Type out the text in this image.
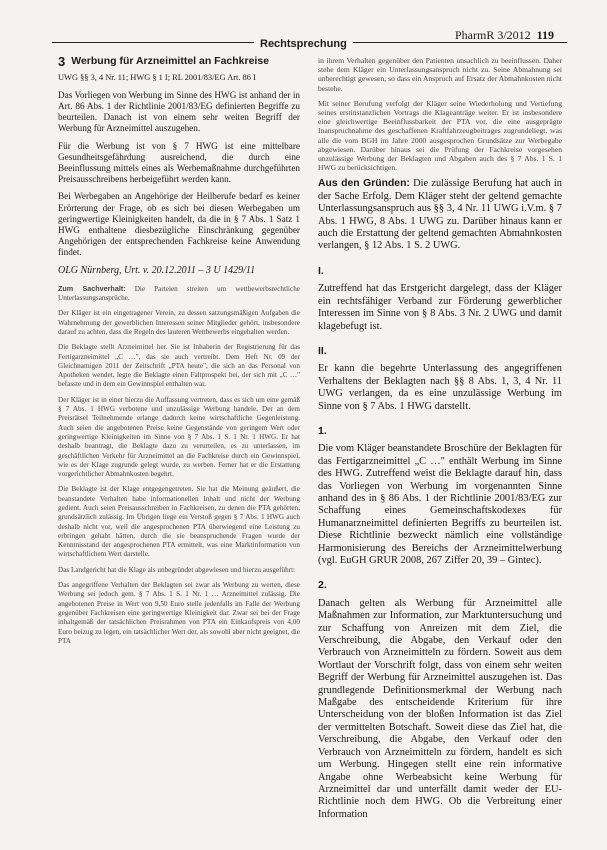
Rechtsprechung
PharmR 3/2012 119
3 Werbung für Arzneimittel an Fachkreise
UWG §§ 3, 4 Nr. 11; HWG § 1 I; RL 2001/83/EG Art. 86 I

Das Vorliegen von Werbung im Sinne des HWG ist anhand der in Art. 86 Abs. 1 der Richtlinie 2001/83/EG definierten Begriffe zu beurteilen. Danach ist von einem sehr weiten Begriff der Werbung für Arzneimittel auszugehen.

Für die Werbung ist von § 7 HWG ist eine mittelbare Gesundheitsgefährdung ausreichend, die durch eine Beeinflussung mittels eines als Werbemaßnahme durchgeführten Preisausschreibens herbeigeführt werden kann.

Bei Werbegaben an Angehörige der Heilberufe bedarf es keiner Erörterung der Frage, ob es sich bei diesen Werbegaben um geringwertige Kleinigkeiten handelt, da die in § 7 Abs. 1 Satz 1 HWG enthaltene diesbezügliche Einschränkung gegenüber Angehörigen der entsprechenden Fachkreise keine Anwendung findet.

OLG Nürnberg, Urt. v. 20.12.2011 – 3 U 1429/11

Zum Sachverhalt: Die Parteien streiten um wettbewerbsrechtliche Unterlassungsansprüche.

Der Kläger ist ein eingetragener Verein, zu dessen satzungsmäßigen Aufgaben die Wahrnehmung der gewerblichen Interessen seiner Mitglieder gehört, insbesondere darauf zu achten, dass die Regeln des lauteren Wettbewerbs eingehalten werden.

Die Beklagte stellt Arzneimittel her. Sie ist Inhaberin der Registrierung für das Fertigarzneimittel „C …", das sie auch vertreibt. Dem Heft Nr. 09 der Gleichnamigen 2011 der Zeitschrift „PTA heute", die sich an das Personal von Apotheken wendet, legte die Beklagte einen Faltprospekt bei, der sich mit „C …" befasste und in dem ein Gewinnspiel enthalten war.

Der Kläger ist in einer hierzu die Auffassung vertreten, dass es sich um eine gemäß § 7 Abs. 1 HWG verbotene und unzulässige Werbung handele. Der an dem Preisrätsel Teilnehmende erlange dadurch keine wirtschaftliche Gegenleistung. Auch seien die angebotenen Preise keine Gegenstände von geringem Wert oder geringwertige Kleinigkeiten im Sinne von § 7 Abs. 1 S. 1 Nr. 1 HWG. Er hat deshalb beantragt, die Beklagte dazu zu verurteilen, es zu unterlassen, im geschäftlichen Verkehr für Arzneimittel an die Fachkreise durch ein Gewinnspiel, wie es der Klage zugrunde gelegt wurde, zu werben. Ferner hat er die Erstattung vorgerichtlicher Abmahnkosten begehrt.

Die Beklagte ist der Klage entgegengetreten. Sie hat die Meinung geäußert, die beanstandete Verhalten habe informationellen Inhalt und nicht der Werbung gedient. Auch seien Preisausschreiben in Fachkreisen, zu denen die PTA gehörten, grundsätzlich zulässig. Im Übrigen liege ein Verstoß gegen § 7 Abs. 1 HWG auch deshalb nicht vor, weil die angesprochenen PTA überwiegend eine Leistung zu erbringen gehabt hätten, durch die sie beanspruchende Fragen wurde der Kenntnisstand der angesprochenen PTA ermittelt, was eine Marktinformation von wirtschaftlichem Wert darstelle.

Das Landgericht hat die Klage als unbegründet abgewiesen und hierzu ausgeführt:

Das angegriffene Verhalten der Beklagten sei zwar als Werbung zu werten, diese Werbung sei jedoch gem. § 7 Abs. 1 S. 1 Nr. 1 … Arzneimittel zulässig. Die angebotenen Preise in Wert von 9,50 Euro stelle jedenfalls im Falle der Werbung gegenüber Fachkreisen eine geringwertige Kleinigkeit dar. Zwar sei bei der Frage inhaltgemäß der tatsächlichen Preisrahmen von PTA ein Einkaufspreis von 4,00 Euro beizug zu legen, ein tatsächlicher Wert der, als sowohl aber nicht geeignet, die PTA

in ihrem Verhalten gegenüber den Patienten unsachlich zu beeinflussen. Daher stehe dem Kläger ein Unterlassungsanspruch nicht zu. Seine Abmahnung sei unberechtigt gewesen, so dass ein Anspruch auf Ersatz der Abmahnkosten nicht bestehe.

Mit seiner Berufung verfolgt der Kläger seine Wiederholung und Vertiefung seines erstinstanzlichen Vortrags die Klageanträge weiter. Er ist insbesondere eine gleichwertige Beeinflussbarkeit der PTA vor, die eine ausgeprägte Inanspruchnahme des geschaffenen Kraftfahrzeugbeitrages zugrundeliegt, was alle die vom BGH im Jahre 2000 ausgesprochen Grundsätze zur Werbegabe abgewiesen. Darüber hinaus sei die Prüfung der Fachkreise vorgesehen unzulässige Werbung der Beklagten und Abgaben auch des § 7 Abs. 1 S. 1 HWG zu berücksichtigen.

Aus den Gründen: Die zulässige Berufung hat auch in der Sache Erfolg. Dem Kläger steht der geltend gemachte Unterlassungsanspruch aus §§ 3, 4 Nr. 11 UWG i.V.m. § 7 Abs. 1 HWG, 8 Abs. 1 UWG zu. Darüber hinaus kann er auch die Erstattung der geltend gemachten Abmahnkosten verlangen, § 12 Abs. 1 S. 2 UWG.

I.

Zutreffend hat das Erstgericht dargelegt, dass der Kläger ein rechtsfähiger Verband zur Förderung gewerblicher Interessen im Sinne von § 8 Abs. 3 Nr. 2 UWG und damit klagebefugt ist.

II.

Er kann die begehrte Unterlassung des angegriffenen Verhaltens der Beklagten nach §§ 8 Abs. 1, 3, 4 Nr. 11 UWG verlangen, da es eine unzulässige Werbung im Sinne von § 7 Abs. 1 HWG darstellt.

1.

Die vom Kläger beanstandete Broschüre der Beklagten für das Fertigarzneimittel „C …" enthält Werbung im Sinne des HWG. Zutreffend weist die Beklagte darauf hin, dass das Vorliegen von Werbung im vorgenannten Sinne anhand des in § 86 Abs. 1 der Richtlinie 2001/83/EG zur Schaffung eines Gemeinschaftskodexes für Humanarzneimittel definierten Begriffs zu beurteilen ist. Diese Richtlinie bezweckt nämlich eine vollständige Harmonisierung des Bereichs der Arzneimittelwerbung (vgl. EuGH GRUR 2008, 267 Ziffer 20, 39 – Gintec).

2.

Danach gelten als Werbung für Arzneimittel alle Maßnahmen zur Information, zur Marktuntersuchung und zur Schaffung von Anreizen mit dem Ziel, die Verschreibung, die Abgabe, den Verkauf oder den Verbrauch von Arzneimitteln zu fördern. Soweit aus dem Wortlaut der Vorschrift folgt, dass von einem sehr weiten Begriff der Werbung für Arzneimittel auszugehen ist. Das grundlegende Definitionsmerkmal der Werbung nach Maßgabe des entscheidende Kriterium für ihre Unterscheidung von der bloßen Information ist das Ziel der vermittelten Botschaft. Soweit diese das Ziel hat, die Verschreibung, die Abgabe, den Verkauf oder den Verbrauch von Arzneimitteln zu fördern, handelt es sich um Werbung. Hingegen stellt eine rein informative Angabe ohne Werbeabsicht keine Werbung für Arzneimittel dar und unterfällt damit weder der EU-Richtlinie noch dem HWG. Ob die Verbreitung einer Information
